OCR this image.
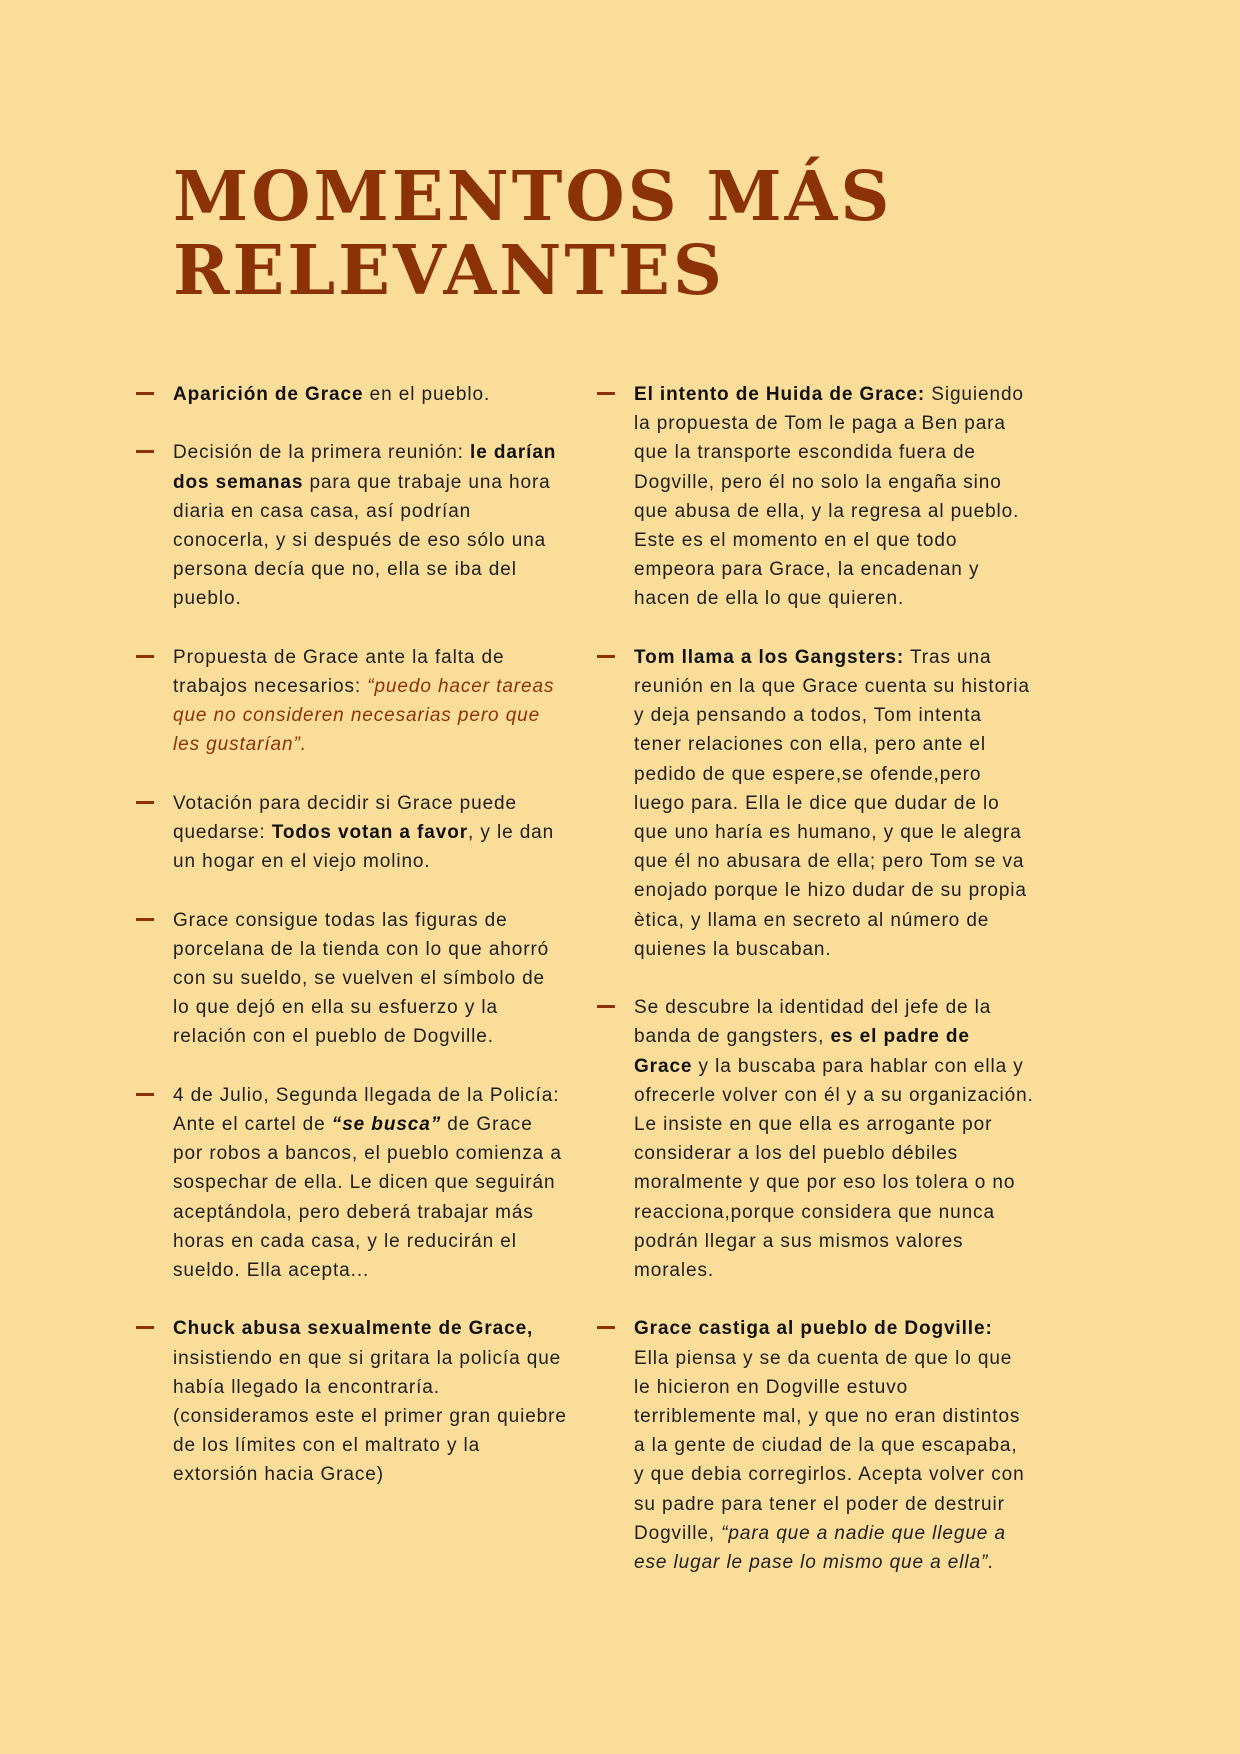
MOMENTOS MÁS
RELEVANTES
Aparición de Grace en el pueblo.
Decisión de la primera reunión: le darían dos semanas para que trabaje una hora diaria en casa casa, así podrían conocerla, y si después de eso sólo una persona decía que no, ella se iba del pueblo.
Propuesta de Grace ante la falta de trabajos necesarios: “puedo hacer tareas que no consideren necesarias pero que les gustarían”.
Votación para decidir si Grace puede quedarse: Todos votan a favor, y le dan un hogar en el viejo molino.
Grace consigue todas las figuras de porcelana de la tienda con lo que ahorró con su sueldo, se vuelven el símbolo de lo que dejó en ella su esfuerzo y la relación con el pueblo de Dogville.
4 de Julio, Segunda llegada de la Policía: Ante el cartel de “se busca” de Grace por robos a bancos, el pueblo comienza a sospechar de ella. Le dicen que seguirán aceptándola, pero deberá trabajar más horas en cada casa, y le reducirán el sueldo. Ella acepta...
Chuck abusa sexualmente de Grace, insistiendo en que si gritara la policía que había llegado la encontraría. (consideramos este el primer gran quiebre de los límites con el maltrato y la extorsión hacia Grace)
El intento de Huida de Grace: Siguiendo la propuesta de Tom le paga a Ben para que la transporte escondida fuera de Dogville, pero él no solo la engaña sino que abusa de ella, y la regresa al pueblo. Este es el momento en el que todo empeora para Grace, la encadenan y hacen de ella lo que quieren.
Tom llama a los Gangsters: Tras una reunión en la que Grace cuenta su historia y deja pensando a todos, Tom intenta tener relaciones con ella, pero ante el pedido de que espere,se ofende,pero luego para. Ella le dice que dudar de lo que uno haría es humano, y que le alegra que él no abusara de ella; pero Tom se va enojado porque le hizo dudar de su propia ètica, y llama en secreto al número de quienes la buscaban.
Se descubre la identidad del jefe de la banda de gangsters, es el padre de Grace y la buscaba para hablar con ella y ofrecerle volver con él y a su organización. Le insiste en que ella es arrogante por considerar a los del pueblo débiles moralmente y que por eso los tolera o no reacciona,porque considera que nunca podrán llegar a sus mismos valores morales.
Grace castiga al pueblo de Dogville: Ella piensa y se da cuenta de que lo que le hicieron en Dogville estuvo terriblemente mal, y que no eran distintos a la gente de ciudad de la que escapaba, y que debia corregirlos. Acepta volver con su padre para tener el poder de destruir Dogville, “para que a nadie que llegue a ese lugar le pase lo mismo que a ella”.
